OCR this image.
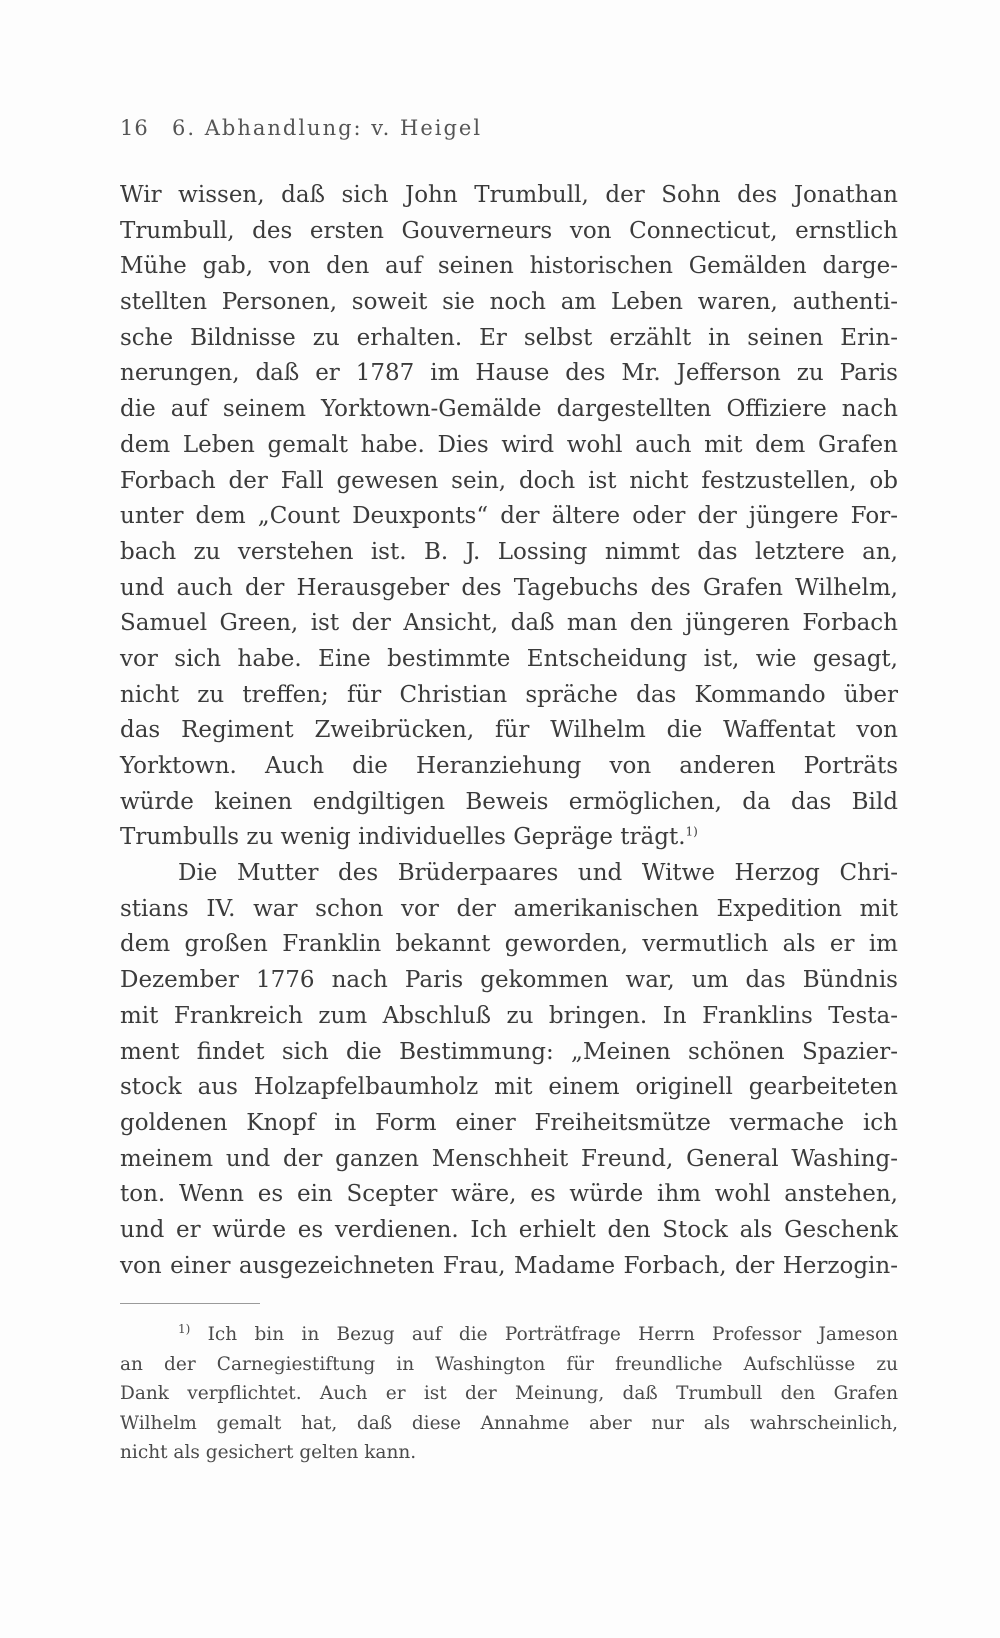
16 6. Abhandlung: v. Heigel
Wir wissen, daß sich John Trumbull, der Sohn des Jonathan
Trumbull, des ersten Gouverneurs von Connecticut, ernstlich
Mühe gab, von den auf seinen historischen Gemälden darge-
stellten Personen, soweit sie noch am Leben waren, authenti-
sche Bildnisse zu erhalten. Er selbst erzählt in seinen Erin-
nerungen, daß er 1787 im Hause des Mr. Jefferson zu Paris
die auf seinem Yorktown-Gemälde dargestellten Offiziere nach
dem Leben gemalt habe. Dies wird wohl auch mit dem Grafen
Forbach der Fall gewesen sein, doch ist nicht festzustellen, ob
unter dem „Count Deuxponts“ der ältere oder der jüngere For-
bach zu verstehen ist. B. J. Lossing nimmt das letztere an,
und auch der Herausgeber des Tagebuchs des Grafen Wilhelm,
Samuel Green, ist der Ansicht, daß man den jüngeren Forbach
vor sich habe. Eine bestimmte Entscheidung ist, wie gesagt,
nicht zu treffen; für Christian spräche das Kommando über
das Regiment Zweibrücken, für Wilhelm die Waffentat von
Yorktown. Auch die Heranziehung von anderen Porträts
würde keinen endgiltigen Beweis ermöglichen, da das Bild
Trumbulls zu wenig individuelles Gepräge trägt.$^{1)}$
Die Mutter des Brüderpaares und Witwe Herzog Chri-
stians IV. war schon vor der amerikanischen Expedition mit
dem großen Franklin bekannt geworden, vermutlich als er im
Dezember 1776 nach Paris gekommen war, um das Bündnis
mit Frankreich zum Abschluß zu bringen. In Franklins Testa-
ment findet sich die Bestimmung: „Meinen schönen Spazier-
stock aus Holzapfelbaumholz mit einem originell gearbeiteten
goldenen Knopf in Form einer Freiheitsmütze vermache ich
meinem und der ganzen Menschheit Freund, General Washing-
ton. Wenn es ein Scepter wäre, es würde ihm wohl anstehen,
und er würde es verdienen. Ich erhielt den Stock als Geschenk
von einer ausgezeichneten Frau, Madame Forbach, der Herzogin-
$^{1)}$ Ich bin in Bezug auf die Porträtfrage Herrn Professor Jameson
an der Carnegiestiftung in Washington für freundliche Aufschlüsse zu
Dank verpflichtet. Auch er ist der Meinung, daß Trumbull den Grafen
Wilhelm gemalt hat, daß diese Annahme aber nur als wahrscheinlich,
nicht als gesichert gelten kann.
